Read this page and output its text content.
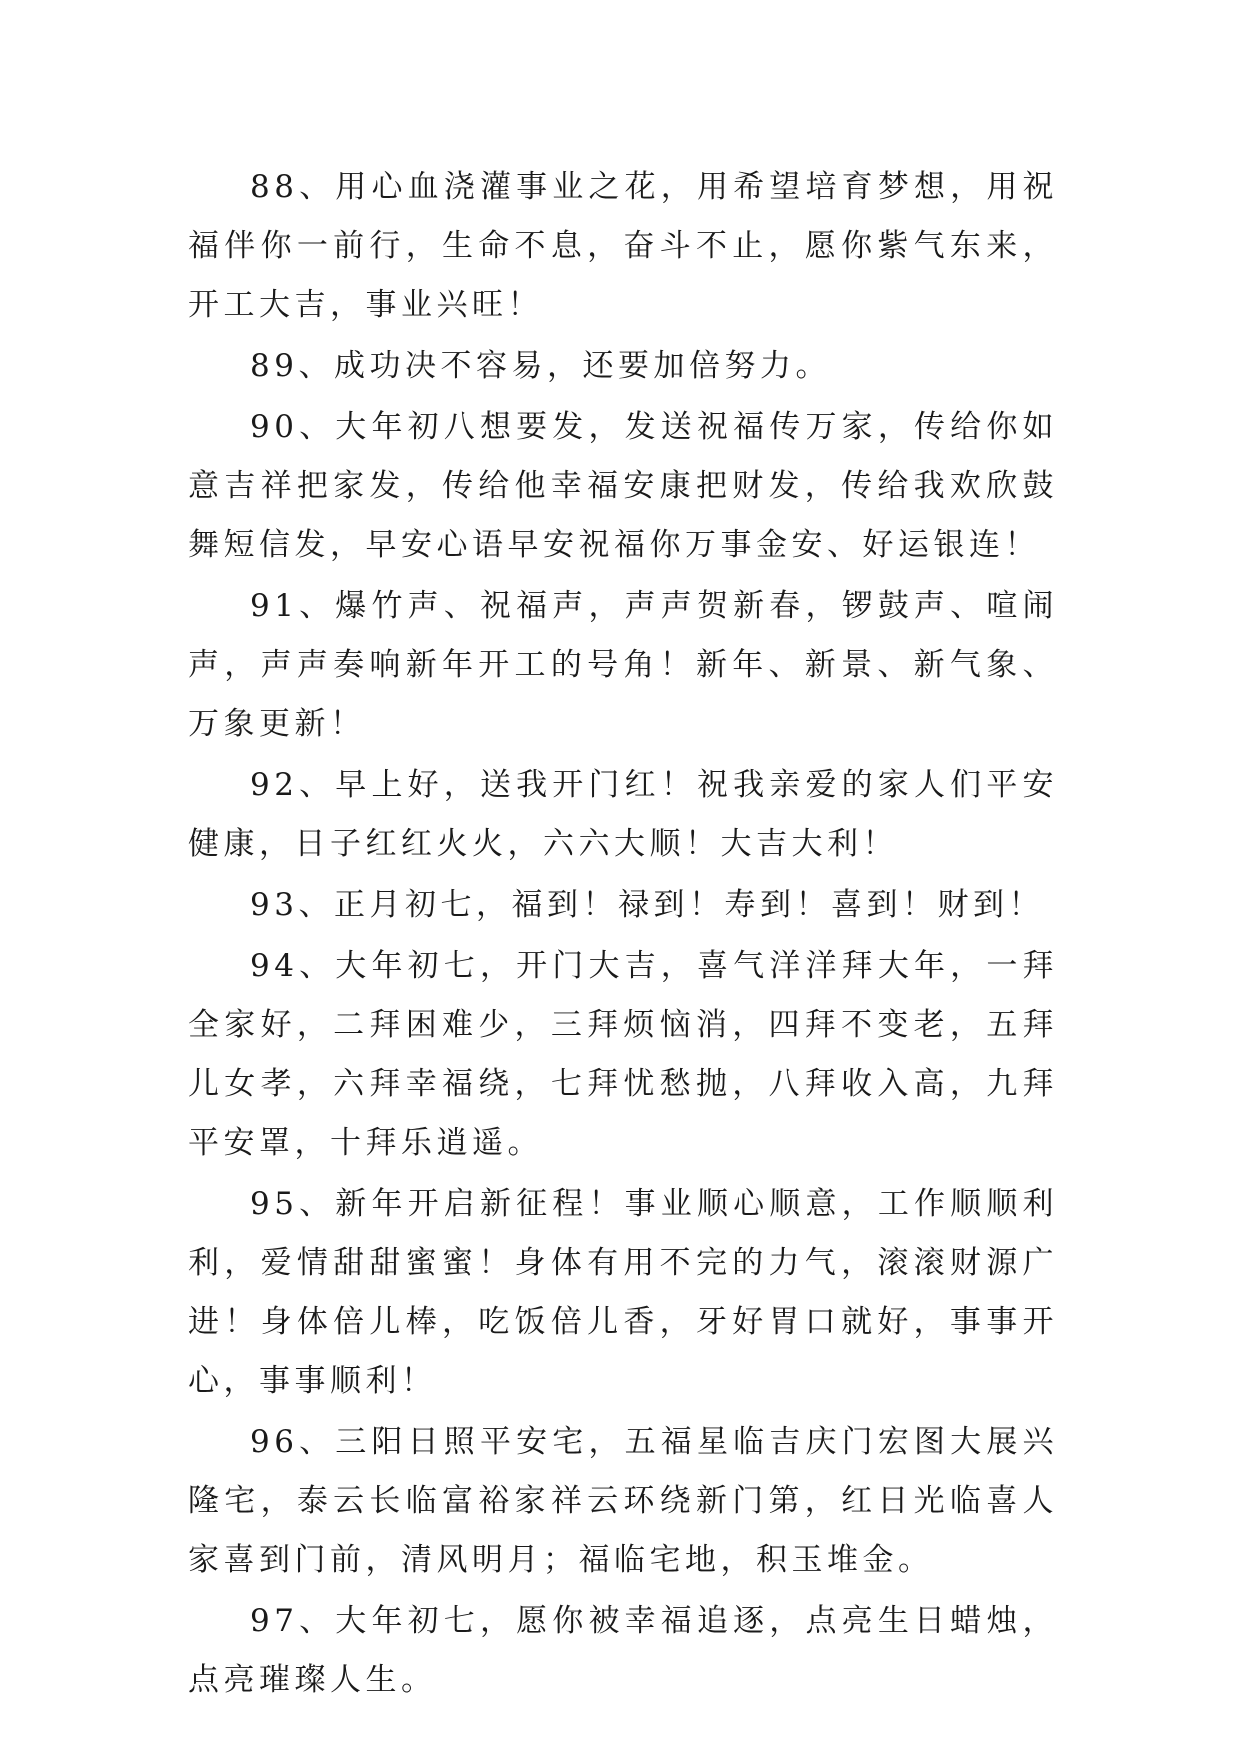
88、用心血浇灌事业之花，用希望培育梦想，用祝福伴你一前行，生命不息，奋斗不止，愿你紫气东来，开工大吉，事业兴旺！

89、成功决不容易，还要加倍努力。

90、大年初八想要发，发送祝福传万家，传给你如意吉祥把家发，传给他幸福安康把财发，传给我欢欣鼓舞短信发，早安心语早安祝福你万事金安、好运银连！

91、爆竹声、祝福声，声声贺新春，锣鼓声、喧闹声，声声奏响新年开工的号角！新年、新景、新气象、万象更新！

92、早上好，送我开门红！祝我亲爱的家人们平安健康，日子红红火火，六六大顺！大吉大利！

93、正月初七，福到！禄到！寿到！喜到！财到！

94、大年初七，开门大吉，喜气洋洋拜大年，一拜全家好，二拜困难少，三拜烦恼消，四拜不变老，五拜儿女孝，六拜幸福绕，七拜忧愁抛，八拜收入高，九拜平安罩，十拜乐逍遥。

95、新年开启新征程！事业顺心顺意，工作顺顺利利，爱情甜甜蜜蜜！身体有用不完的力气，滚滚财源广进！身体倍儿棒，吃饭倍儿香，牙好胃口就好，事事开心，事事顺利！

96、三阳日照平安宅，五福星临吉庆门宏图大展兴隆宅，泰云长临富裕家祥云环绕新门第，红日光临喜人家喜到门前，清风明月；福临宅地，积玉堆金。

97、大年初七，愿你被幸福追逐，点亮生日蜡烛，点亮璀璨人生。
